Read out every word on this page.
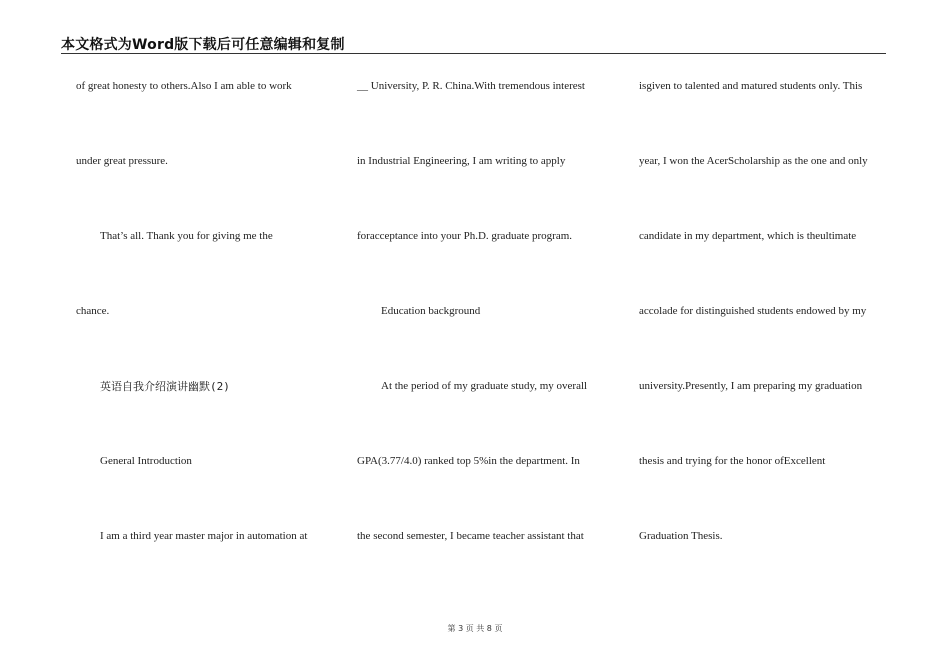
本文格式为Word版下载后可任意编辑和复制
of great honesty to others.Also I am able to work
under great pressure.
That’s all. Thank you for giving me the
chance.
英语自我介绍演讲幽默(2)
General Introduction
I am a third year master major in automation at
__ University, P. R. China.With tremendous interest
in Industrial Engineering, I am writing to apply
foracceptance into your Ph.D. graduate program.
Education background
At the period of my graduate study, my overall
GPA(3.77/4.0) ranked top 5%in the department. In
the second semester, I became teacher assistant that
isgiven to talented and matured students only. This
year, I won the AcerScholarship as the one and only
candidate in my department, which is theultimate
accolade for distinguished students endowed by my
university.Presently, I am preparing my graduation
thesis and trying for the honor ofExcellent
Graduation Thesis.
第 3 页 共 8 页
